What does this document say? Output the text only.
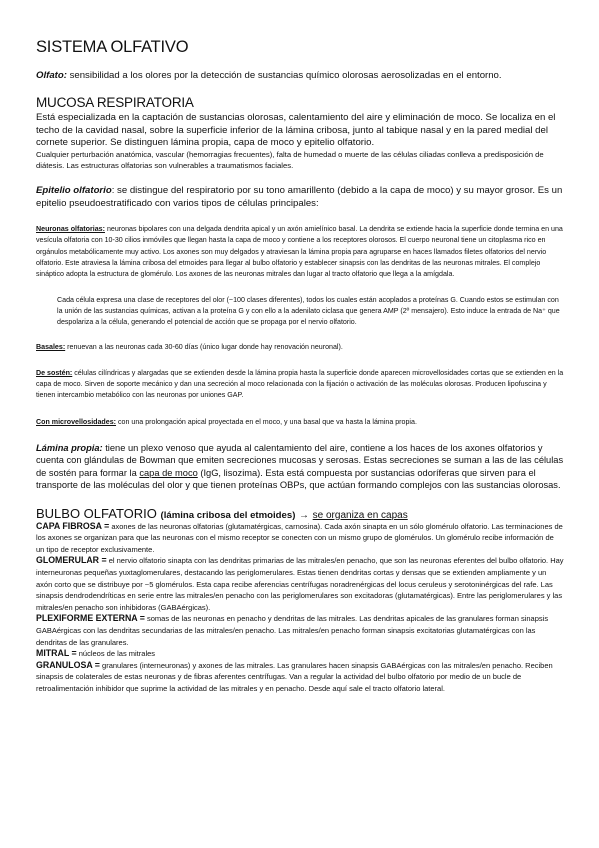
SISTEMA OLFATIVO

Olfato: sensibilidad a los olores por la detección de sustancias químico olorosas aerosolizadas en el entorno.

MUCOSA RESPIRATORIA

Está especializada en la captación de sustancias olorosas, calentamiento del aire y eliminación de moco. Se localiza en el techo de la cavidad nasal, sobre la superficie inferior de la lámina cribosa, junto al tabique nasal y en la pared medial del cornete superior. Se distinguen lámina propia, capa de moco y epitelio olfatorio.

Cualquier perturbación anatómica, vascular (hemorragias frecuentes), falta de humedad o muerte de las células ciliadas conlleva a predisposición de diátesis. Las estructuras olfatorias son vulnerables a traumatismos faciales.

Epitelio olfatorio: se distingue del respiratorio por su tono amarillento (debido a la capa de moco) y su mayor grosor. Es un epitelio pseudoestratificado con varios tipos de células principales:

Neuronas olfatorias: neuronas bipolares con una delgada dendrita apical y un axón amielínico basal. La dendrita se extiende hacia la superficie donde termina en una vesícula olfatoria con 10-30 cilios inmóviles que llegan hasta la capa de moco y contiene a los receptores olorosos. El cuerpo neuronal tiene un citoplasma rico en orgánulos metabólicamente muy activo. Los axones son muy delgados y atraviesan la lámina propia para agruparse en haces llamados filetes olfatorios del nervio olfatorio. Este atraviesa la lámina cribosa del etmoides para llegar al bulbo olfatorio y establecer sinapsis con las dendritas de las neuronas mitrales. El complejo sináptico adopta la estructura de glomérulo. Los axones de las neuronas mitrales dan lugar al tracto olfatorio que llega a la amígdala.

Cada célula expresa una clase de receptores del olor (~100 clases diferentes), todos los cuales están acoplados a proteínas G. Cuando estos se estimulan con la unión de las sustancias químicas, activan a la proteína G y con ello a la adenilato ciclasa que genera AMP (2º mensajero). Esto induce la entrada de Na⁺ que despolariza a la célula, generando el potencial de acción que se propaga por el nervio olfatorio.

Basales: renuevan a las neuronas cada 30-60 días (único lugar donde hay renovación neuronal).

De sostén: células cilíndricas y alargadas que se extienden desde la lámina propia hasta la superficie donde aparecen microvellosidades cortas que se extienden en la capa de moco. Sirven de soporte mecánico y dan una secreción al moco relacionada con la fijación o activación de las moléculas olorosas. Producen lipofuscina y tienen intercambio metabólico con las neuronas por uniones GAP.

Con microvellosidades: con una prolongación apical proyectada en el moco, y una basal que va hasta la lámina propia.

Lámina propia: tiene un plexo venoso que ayuda al calentamiento del aire, contiene a los haces de los axones olfatorios y cuenta con glándulas de Bowman que emiten secreciones mucosas y serosas. Estas secreciones se suman a las de las células de sostén para formar la capa de moco (IgG, lisozima). Esta está compuesta por sustancias odoríferas que sirven para el transporte de las moléculas del olor y que tienen proteínas OBPs, que actúan formando complejos con las sustancias olorosas.

BULBO OLFATORIO (lámina cribosa del etmoides) → se organiza en capas

CAPA FIBROSA = axones de las neuronas olfatorias (glutamatérgicas, carnosina). Cada axón sinapta en un sólo glomérulo olfatorio. Las terminaciones de los axones se organizan para que las neuronas con el mismo receptor se conecten con un mismo grupo de glomérulos. Un glomérulo recibe información de un tipo de receptor exclusivamente.

GLOMERULAR = el nervio olfatorio sinapta con las dendritas primarias de las mitrales/en penacho, que son las neuronas eferentes del bulbo olfatorio. Hay interneuronas pequeñas yuxtaglomerulares, destacando las periglomerulares. Estas tienen dendritas cortas y densas que se extienden ampliamente y un axón corto que se distribuye por ~5 glomérulos. Esta capa recibe aferencias centrífugas noradrenérgicas del locus ceruleus y serotoninérgicas del rafe. Las sinapsis dendrodendríticas en serie entre las mitrales/en penacho con las periglomerulares son excitadoras (glutamatérgicas). Entre las periglomerulares y las mitrales/en penacho son inhibidoras (GABAérgicas).

PLEXIFORME EXTERNA = somas de las neuronas en penacho y dendritas de las mitrales. Las dendritas apicales de las granulares forman sinapsis GABAérgicas con las dendritas secundarias de las mitrales/en penacho. Las mitrales/en penacho forman sinapsis excitatorias glutamatérgicas con las dendritas de las granulares.

MITRAL = núcleos de las mitrales

GRANULOSA = granulares (interneuronas) y axones de las mitrales. Las granulares hacen sinapsis GABAérgicas con las mitrales/en penacho. Reciben sinapsis de colaterales de estas neuronas y de fibras aferentes centrífugas. Van a regular la actividad del bulbo olfatorio por medio de un bucle de retroalimentación inhibidor que suprime la actividad de las mitrales y en penacho. Desde aquí sale el tracto olfatorio lateral.
